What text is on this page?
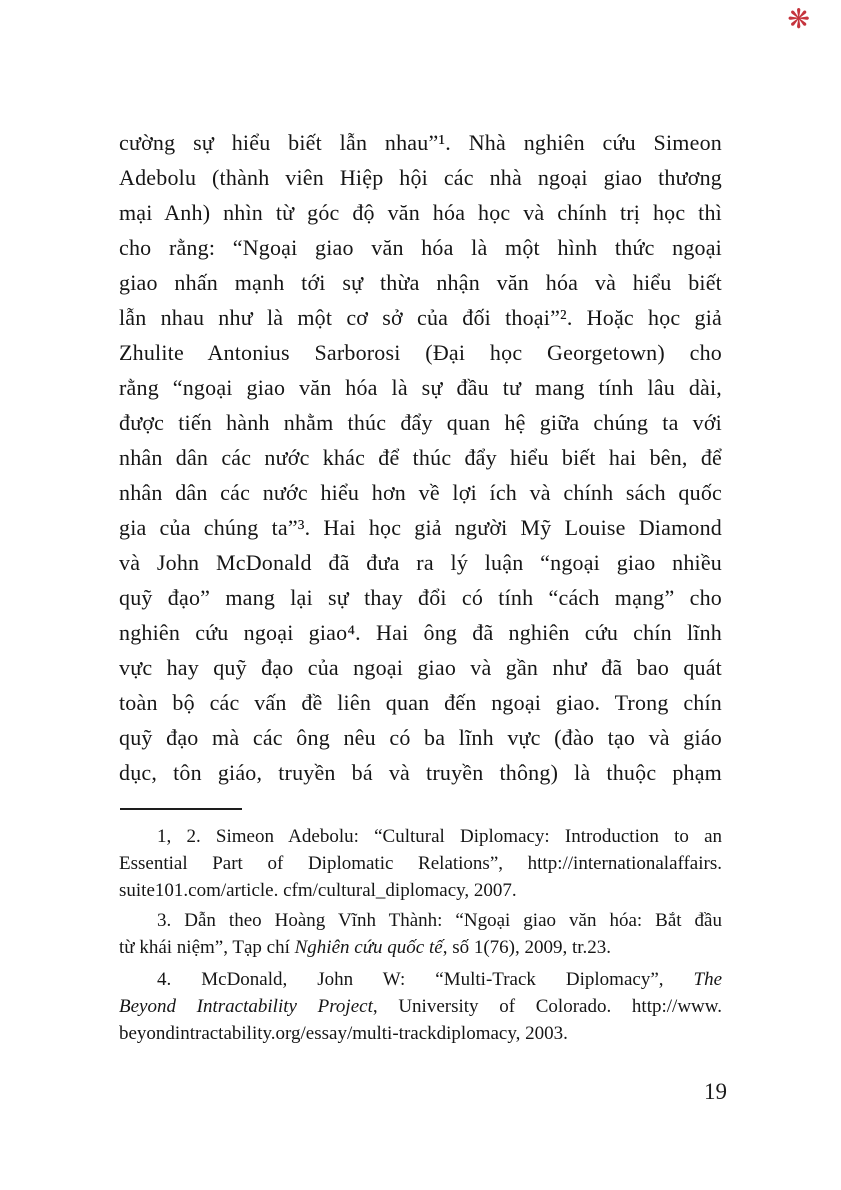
❋
cường sự hiểu biết lẫn nhau”¹. Nhà nghiên cứu Simeon
Adebolu (thành viên Hiệp hội các nhà ngoại giao thương
mại Anh) nhìn từ góc độ văn hóa học và chính trị học thì
cho rằng: “Ngoại giao văn hóa là một hình thức ngoại
giao nhấn mạnh tới sự thừa nhận văn hóa và hiểu biết
lẫn nhau như là một cơ sở của đối thoại”². Hoặc học giả
Zhulite Antonius Sarborosi (Đại học Georgetown) cho
rằng “ngoại giao văn hóa là sự đầu tư mang tính lâu dài,
được tiến hành nhằm thúc đẩy quan hệ giữa chúng ta với
nhân dân các nước khác để thúc đẩy hiểu biết hai bên, để
nhân dân các nước hiểu hơn về lợi ích và chính sách quốc
gia của chúng ta”³. Hai học giả người Mỹ Louise Diamond
và John McDonald đã đưa ra lý luận “ngoại giao nhiều
quỹ đạo” mang lại sự thay đổi có tính “cách mạng” cho
nghiên cứu ngoại giao⁴. Hai ông đã nghiên cứu chín lĩnh
vực hay quỹ đạo của ngoại giao và gần như đã bao quát
toàn bộ các vấn đề liên quan đến ngoại giao. Trong chín
quỹ đạo mà các ông nêu có ba lĩnh vực (đào tạo và giáo
dục, tôn giáo, truyền bá và truyền thông) là thuộc phạm
1, 2. Simeon Adebolu: “Cultural Diplomacy: Introduction to an
Essential Part of Diplomatic Relations”, http://internationalaffairs.
suite101.com/article. cfm/cultural_diplomacy, 2007.
3. Dẫn theo Hoàng Vĩnh Thành: “Ngoại giao văn hóa: Bắt đầu
từ khái niệm”, Tạp chí Nghiên cứu quốc tế, số 1(76), 2009, tr.23.
4. McDonald, John W: “Multi-Track Diplomacy”, The
Beyond Intractability Project, University of Colorado. http://www.
beyondintractability.org/essay/multi-trackdiplomacy, 2003.
19
